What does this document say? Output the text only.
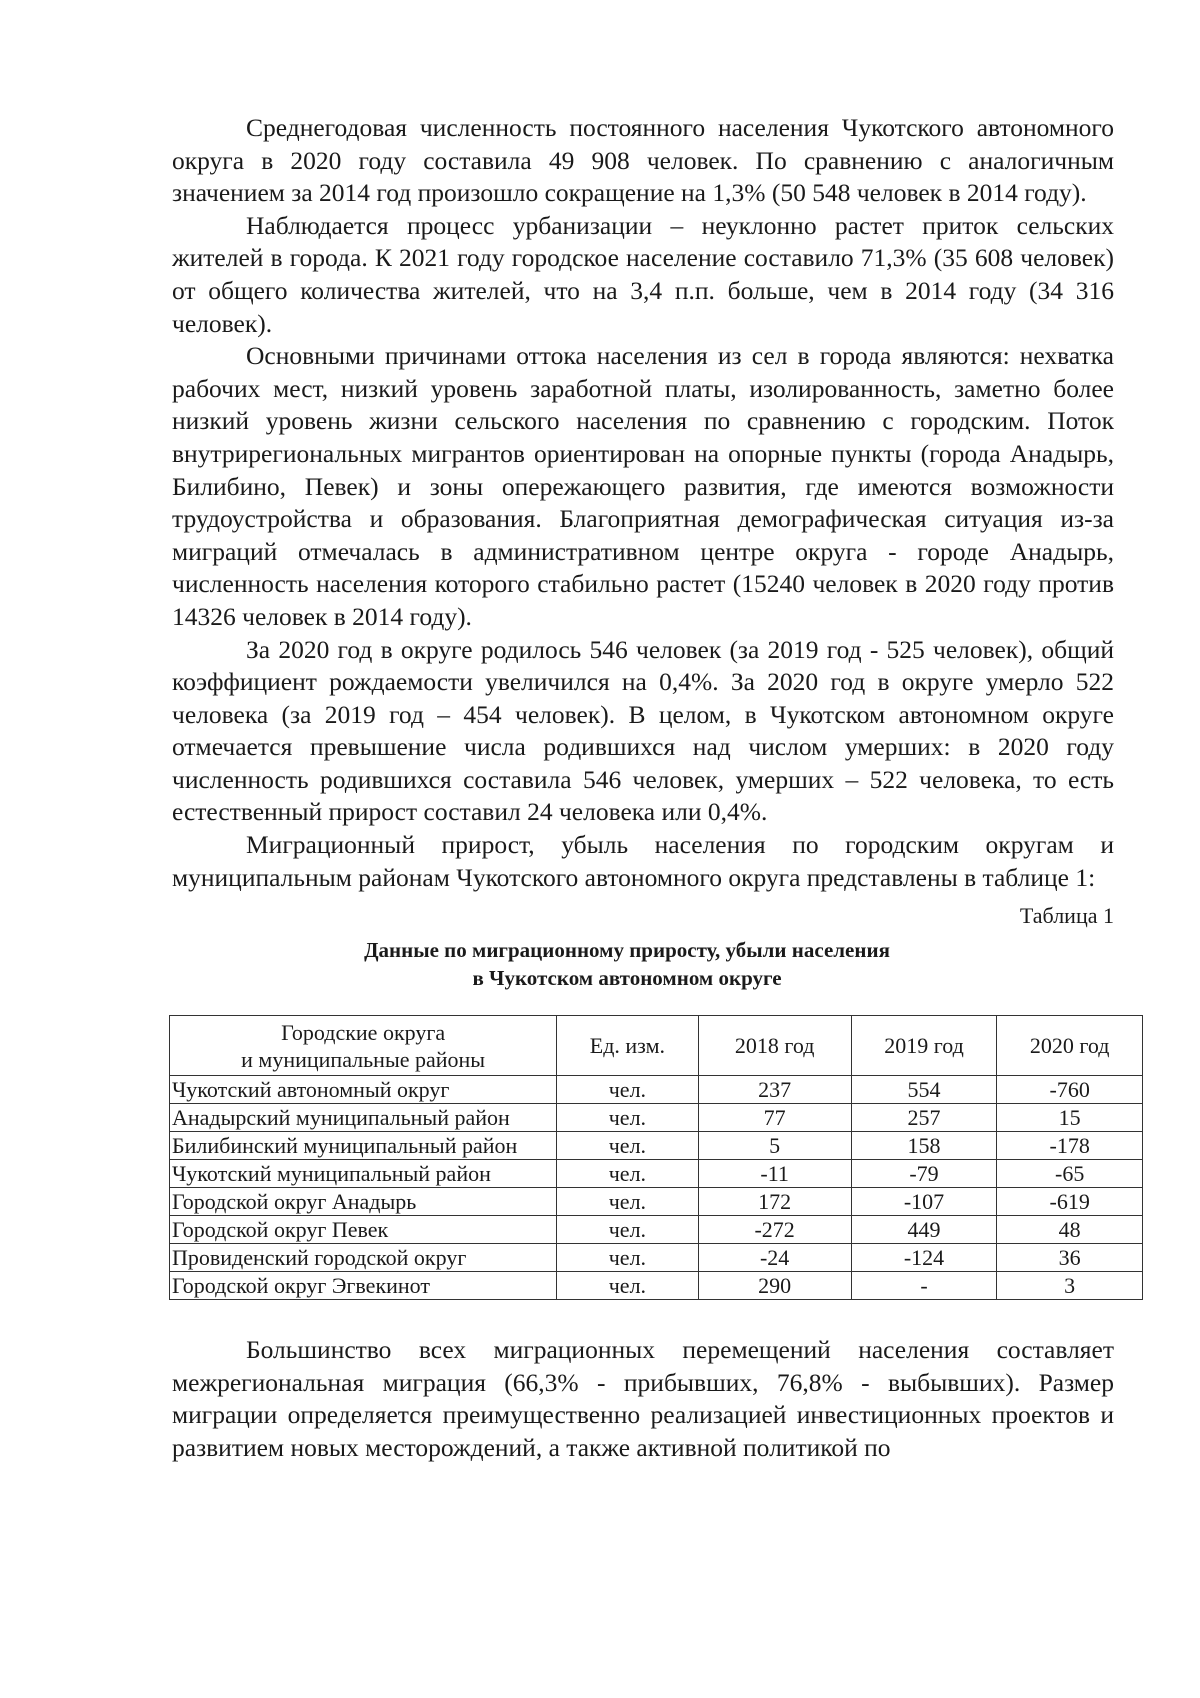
Среднегодовая численность постоянного населения Чукотского автономного округа в 2020 году составила 49 908 человек. По сравнению с аналогичным значением за 2014 год произошло сокращение на 1,3% (50 548 человек в 2014 году).

Наблюдается процесс урбанизации – неуклонно растет приток сельских жителей в города. К 2021 году городское население составило 71,3% (35 608 человек) от общего количества жителей, что на 3,4 п.п. больше, чем в 2014 году (34 316 человек).

Основными причинами оттока населения из сел в города являются: нехватка рабочих мест, низкий уровень заработной платы, изолированность, заметно более низкий уровень жизни сельского населения по сравнению с городским. Поток внутрирегиональных мигрантов ориентирован на опорные пункты (города Анадырь, Билибино, Певек) и зоны опережающего развития, где имеются возможности трудоустройства и образования. Благоприятная демографическая ситуация из-за миграций отмечалась в административном центре округа - городе Анадырь, численность населения которого стабильно растет (15240 человек в 2020 году против 14326 человек в 2014 году).

За 2020 год в округе родилось 546 человек (за 2019 год - 525 человек), общий коэффициент рождаемости увеличился на 0,4%. За 2020 год в округе умерло 522 человека (за 2019 год – 454 человек). В целом, в Чукотском автономном округе отмечается превышение числа родившихся над числом умерших: в 2020 году численность родившихся составила 546 человек, умерших – 522 человека, то есть естественный прирост составил 24 человека или 0,4%.

Миграционный прирост, убыль населения по городским округам и муниципальным районам Чукотского автономного округа представлены в таблице 1:

Таблица 1
Данные по миграционному приросту, убыли населения
в Чукотском автономном округе
Городские округа
и муниципальные районы	Ед. изм.	2018 год	2019 год	2020 год
Чукотский автономный округ	чел.	237	554	-760
Анадырский муниципальный район	чел.	77	257	15
Билибинский муниципальный район	чел.	5	158	-178
Чукотский муниципальный район	чел.	-11	-79	-65
Городской округ Анадырь	чел.	172	-107	-619
Городской округ Певек	чел.	-272	449	48
Провиденский городской округ	чел.	-24	-124	36
Городской округ Эгвекинот	чел.	290	-	3

Большинство всех миграционных перемещений населения составляет межрегиональная миграция (66,3% - прибывших, 76,8% - выбывших). Размер миграции определяется преимущественно реализацией инвестиционных проектов и развитием новых месторождений, а также активной политикой по
